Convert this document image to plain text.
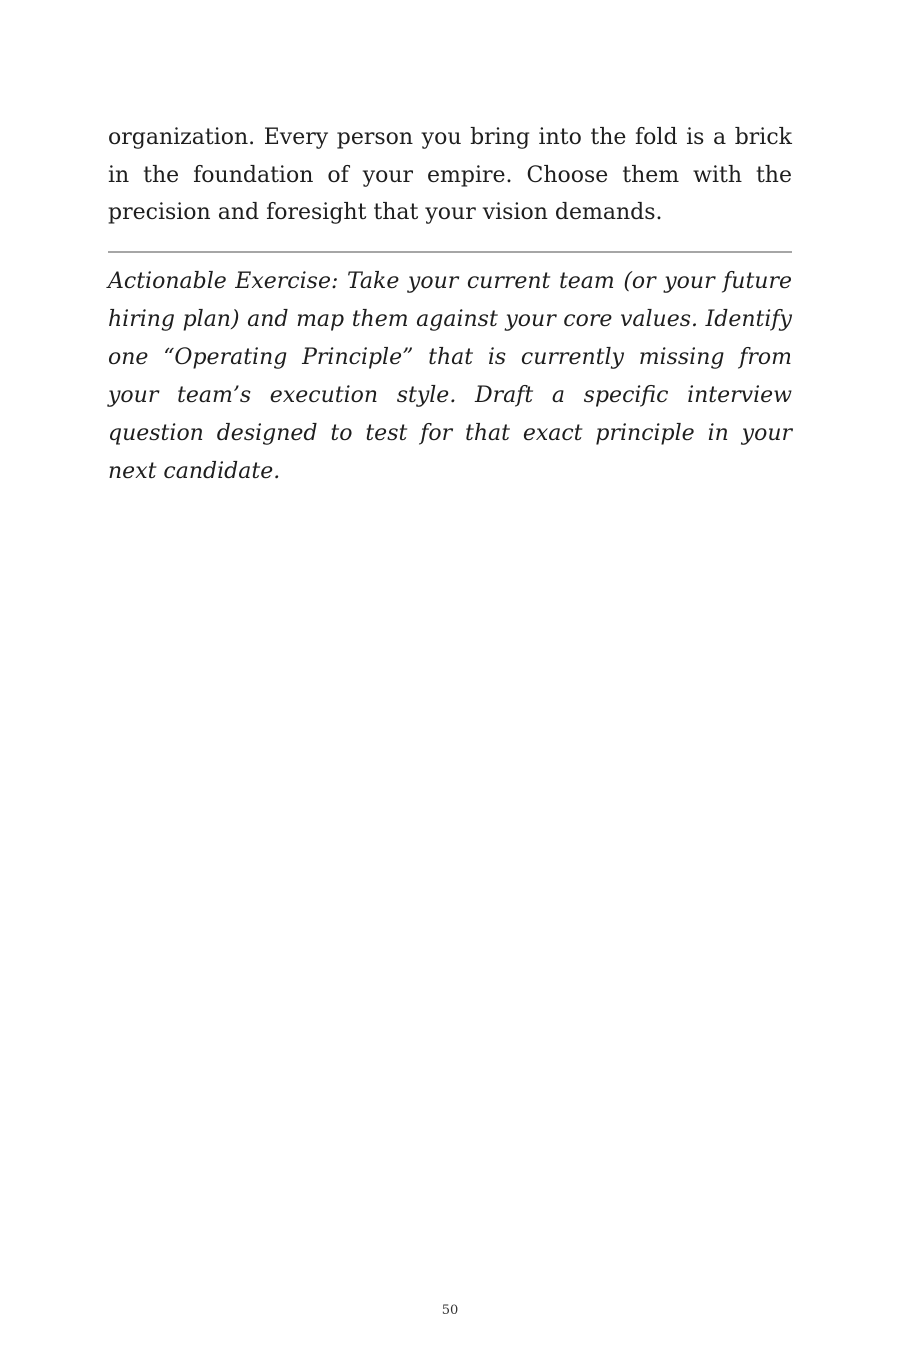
organization. Every person you bring into the fold is a brick in the foundation of your empire. Choose them with the precision and foresight that your vision demands.

Actionable Exercise: Take your current team (or your future hiring plan) and map them against your core values. Identify one “Operating Principle” that is currently missing from your team’s execution style. Draft a specific interview question designed to test for that exact principle in your next candidate.

50
